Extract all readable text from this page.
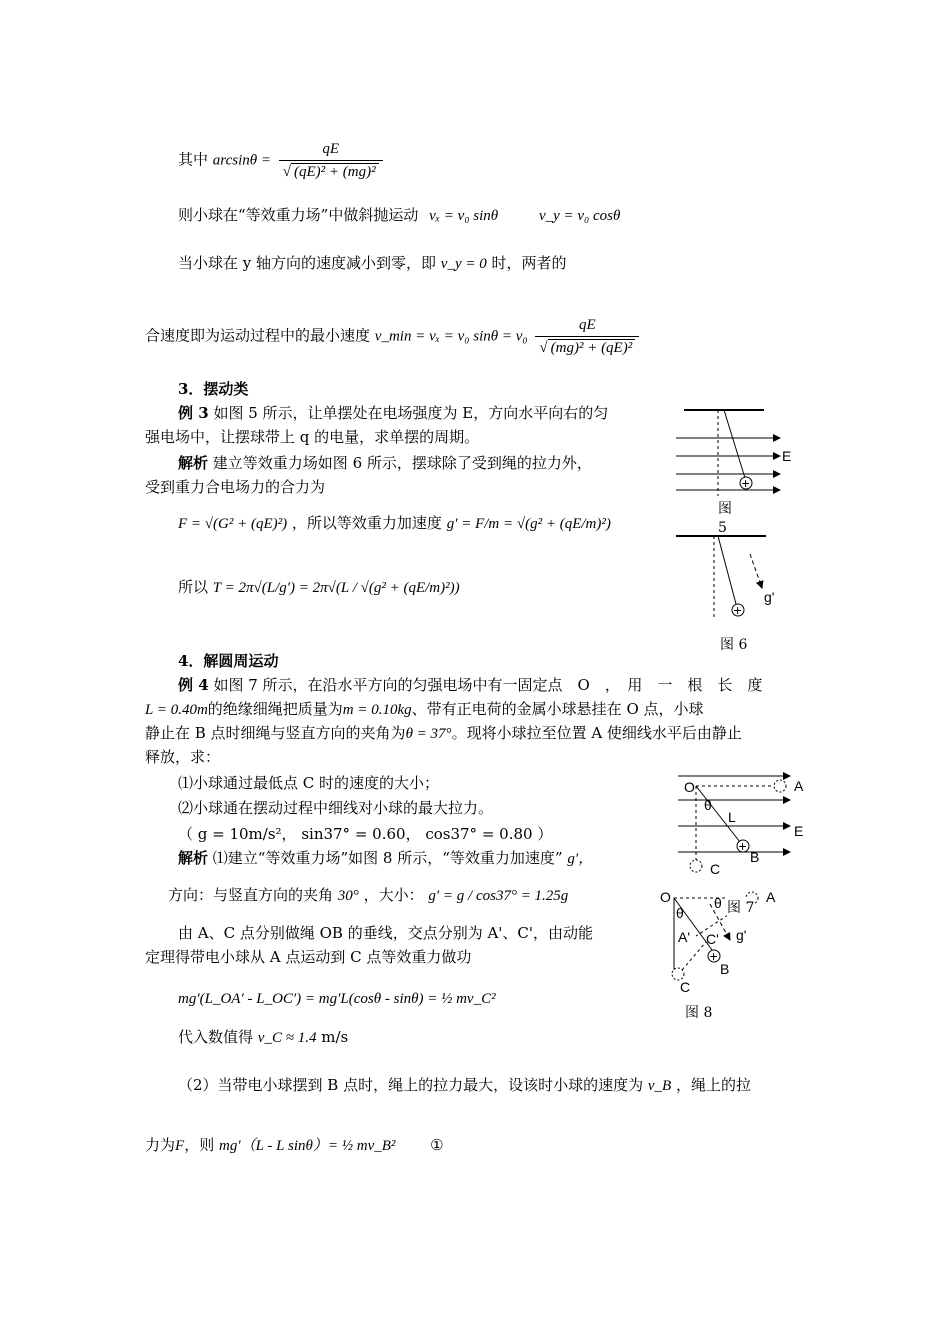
其中 $\arcsin\theta = \frac{qE}{\text{√ (qE)² + (mg)²}}$
则小球在“等效重力场”中做斜抛运动 vₓ = v₀ sinθ	v_y = v₀ cosθ
当小球在 y 轴方向的速度减小到零，即 v_y = 0 时，两者的
合速度即为运动过程中的最小速度 v_min = vₓ = v₀ $\sin\theta = v_0 \frac{qE}{\text{√ (mg)² + (qE)²}}$
3．摆动类
例 3 如图 5 所示，让单摆处在电场强度为 E，方向水平向右的匀
强电场中，让摆球带上 q 的电量，求单摆的周期。
解析 建立等效重力场如图 6 所示，摆球除了受到绳的拉力外，
受到重力合电场力的合力为
F = √(G² + (qE)²) ，所以等效重力加速度 g′ = F/m = √(g² + (qE/m)²)
所以 T = 2π√(L/g′) = 2π√(L / √(g² + (qE/m)²))
4．解圆周运动
例 4 如图 7 所示，在沿水平方向的匀强电场中有一固定点　O　，　用　一　根　长　度
L = 0.40m的绝缘细绳把质量为m = 0.10kg、带有正电荷的金属小球悬挂在 O 点，小球
静止在 B 点时细绳与竖直方向的夹角为θ = 37°。现将小球拉至位置 A 使细线水平后由静止
释放，求：
⑴小球通过最低点 C 时的速度的大小；
⑵小球通在摆动过程中细线对小球的最大拉力。
（ g = 10m/s²， sin37° = 0.60， cos37° = 0.80 ）
解析 ⑴建立“等效重力场”如图 8 所示，“等效重力加速度” g′，
方向：与竖直方向的夹角 30° ，大小： g′ = g / cos37° = 1.25g
由 A、C 点分别做绳 OB 的垂线，交点分别为 A'、C'，由动能
定理得带电小球从 A 点运动到 C 点等效重力做功
mg′(L_OA′ - L_OC′) = mg′L(cosθ - sinθ) = ½ mv_C²
代入数值得 v_C ≈ 1.4 m/s
（2）当带电小球摆到 B 点时，绳上的拉力最大，设该时小球的速度为 v_B ，绳上的拉
力为F，则 mg′（L - L sinθ）= ½ mv_B² ①
+
E
图 5
+
g'
图 6
+
O	A
E
θ
L
B
C
+
O	A
θ
θ
A' C' g'
B
C
图 7
图 8
